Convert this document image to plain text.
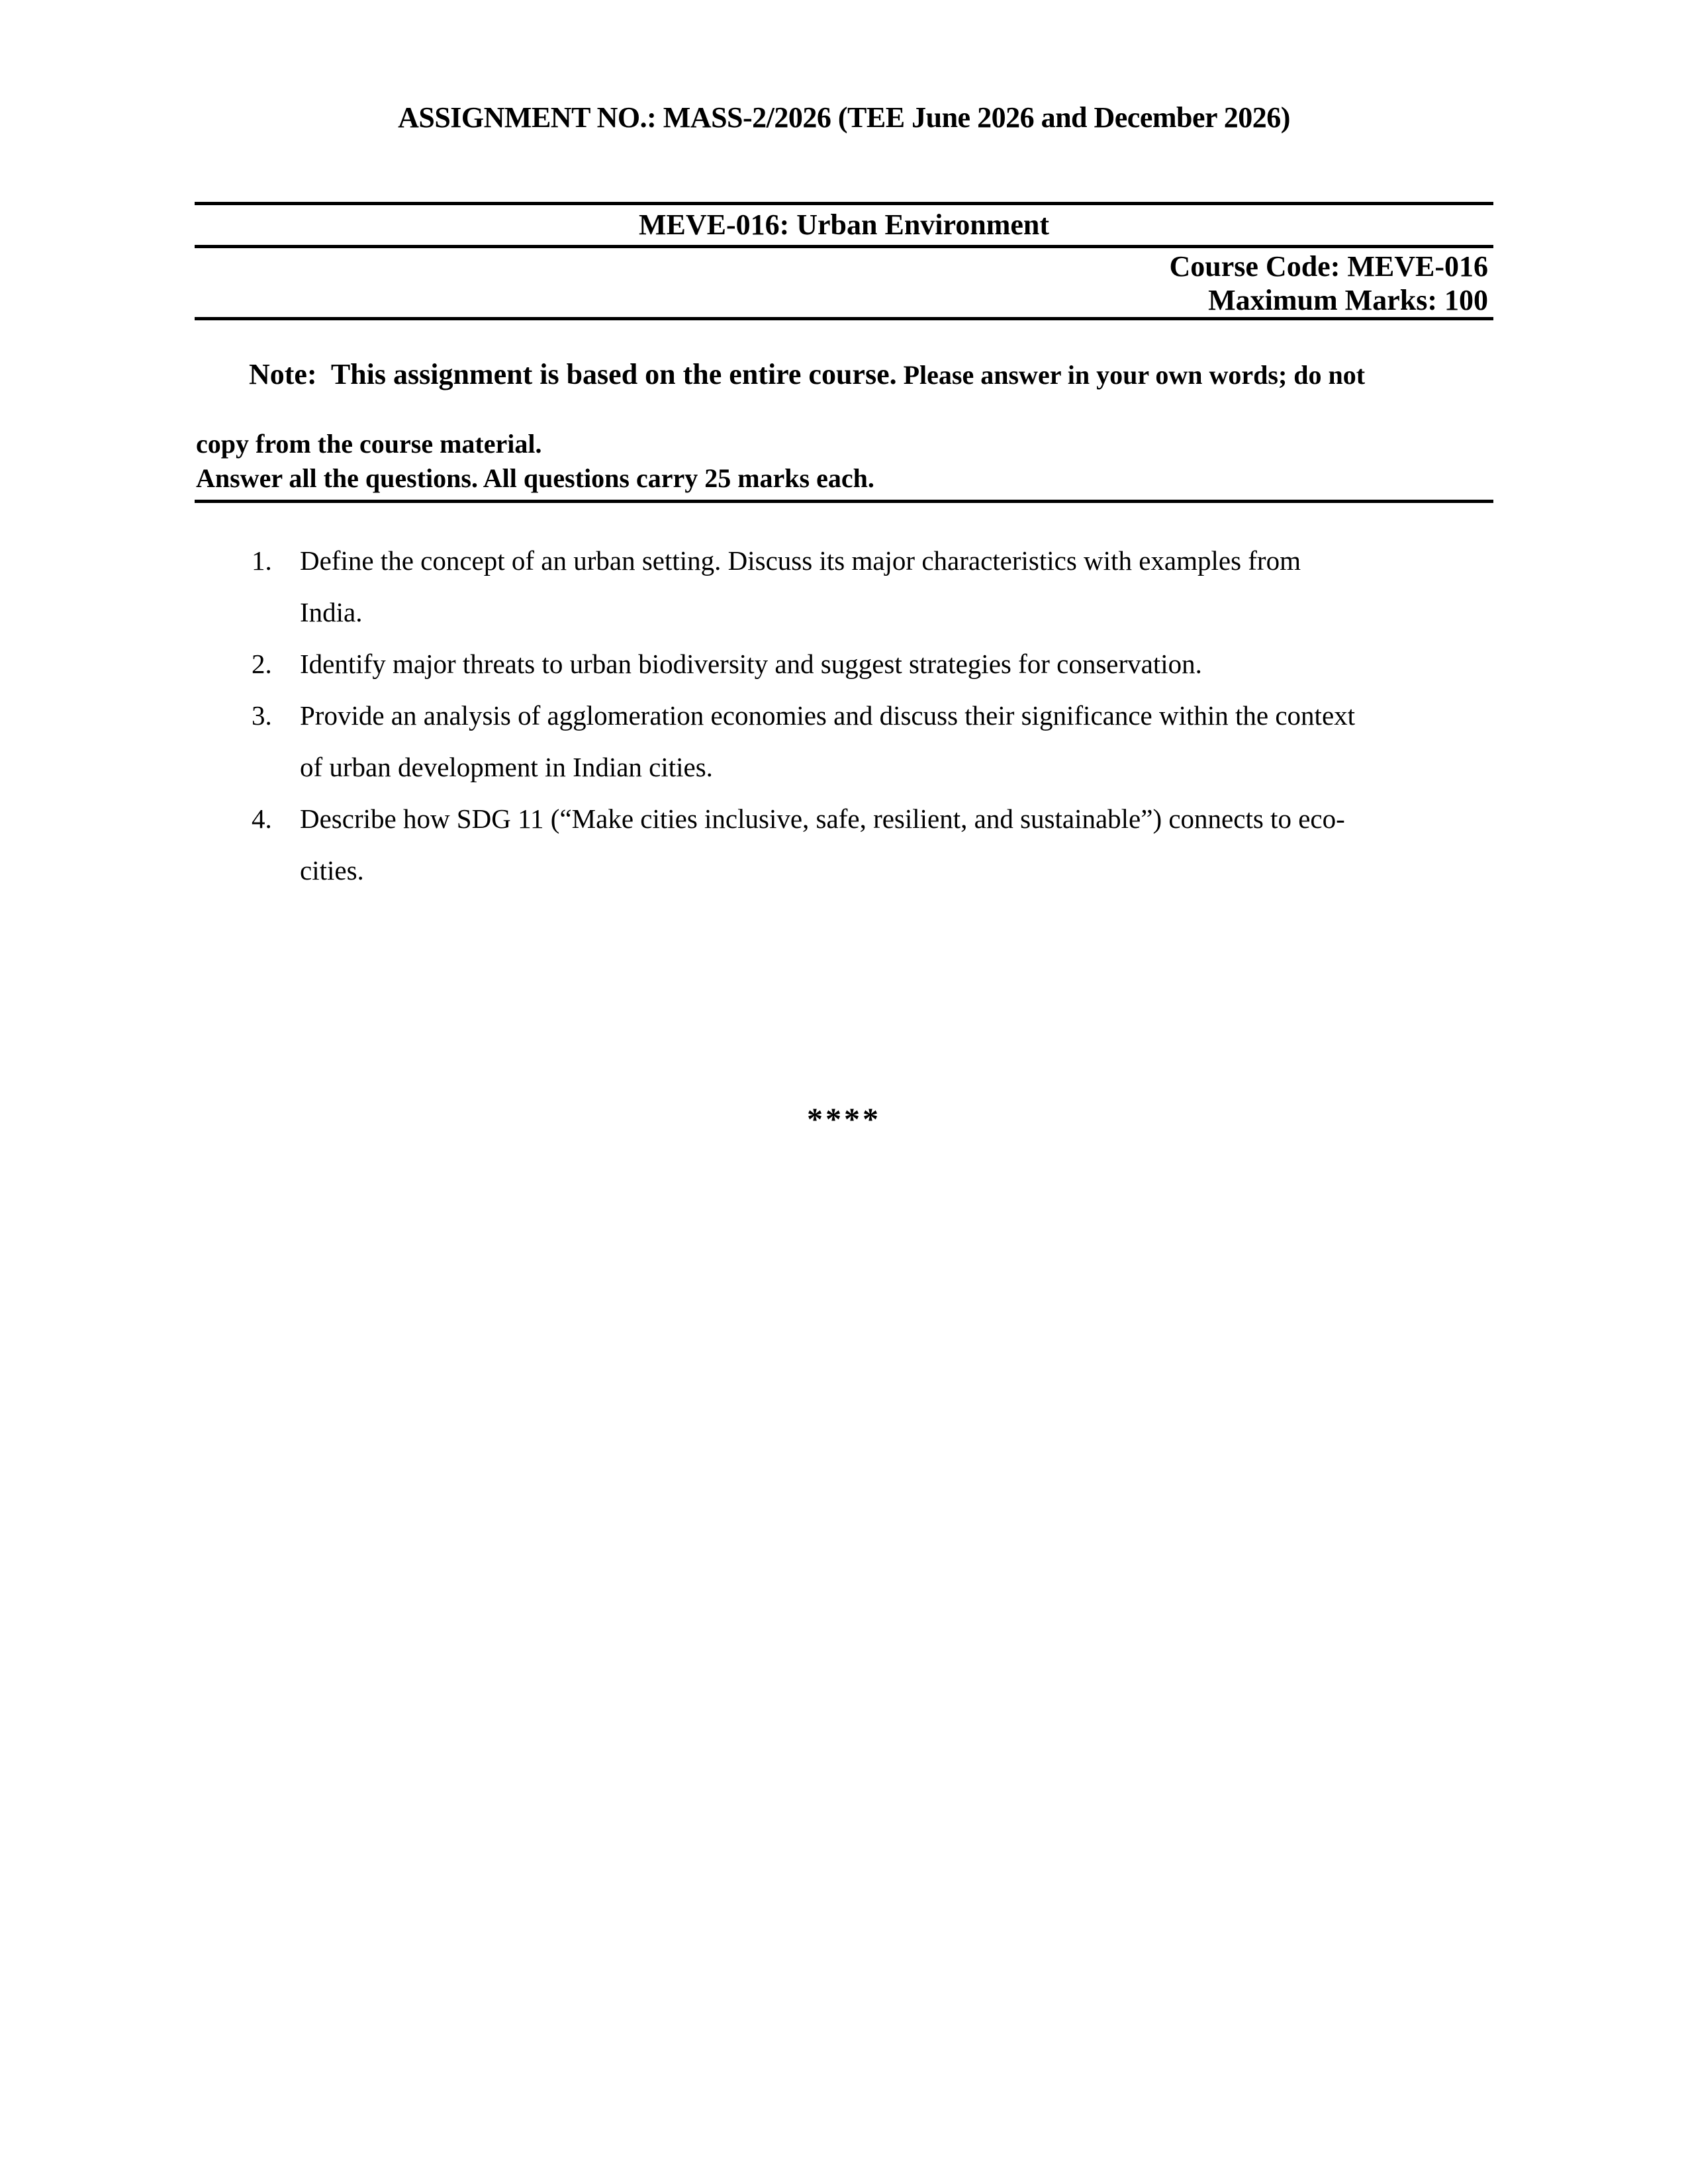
ASSIGNMENT NO.: MASS-2/2026 (TEE June 2026 and December 2026)
MEVE-016: Urban Environment
Course Code: MEVE-016
Maximum Marks: 100

Note:  This assignment is based on the entire course. Please answer in your own words; do not

copy from the course material.
Answer all the questions. All questions carry 25 marks each.
1. Define the concept of an urban setting. Discuss its major characteristics with examples from
India.
2. Identify major threats to urban biodiversity and suggest strategies for conservation.
3. Provide an analysis of agglomeration economies and discuss their significance within the context
of urban development in Indian cities.
4. Describe how SDG 11 (“Make cities inclusive, safe, resilient, and sustainable”) connects to eco-
cities.
****
